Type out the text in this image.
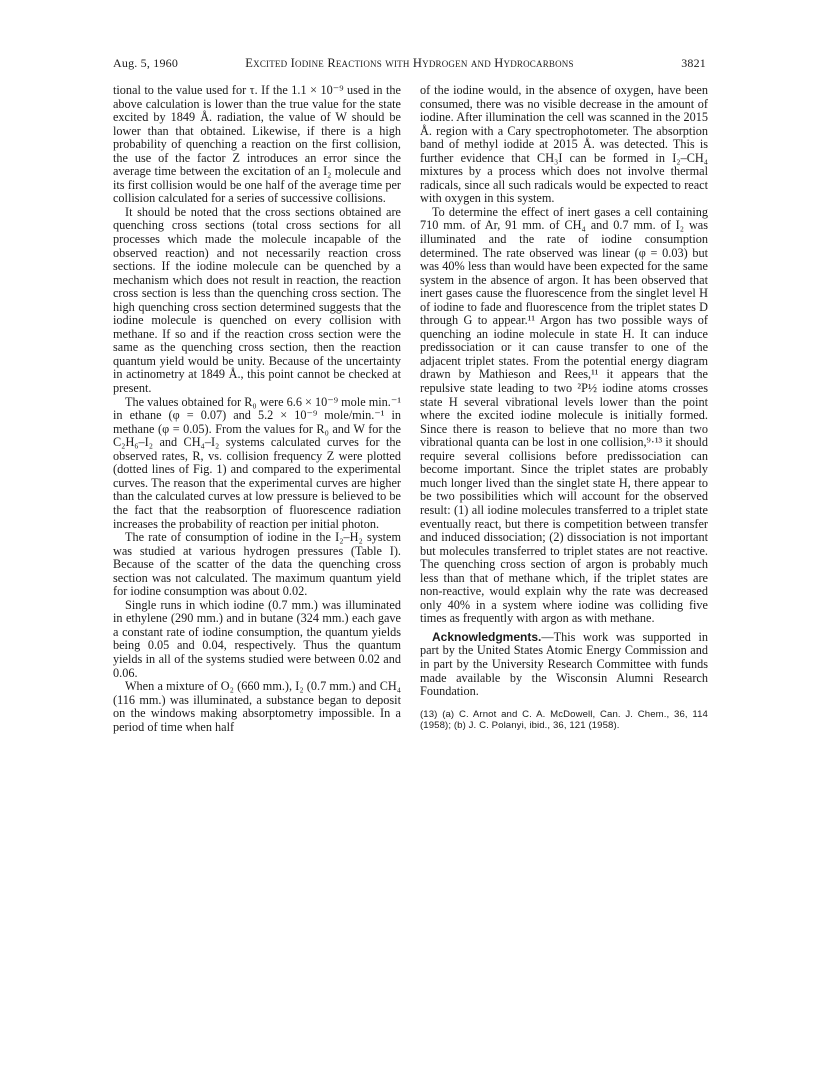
Aug. 5, 1960	Excited Iodine Reactions with Hydrogen and Hydrocarbons	3821

tional to the value used for τ. If the 1.1 × 10⁻⁹ used in the above calculation is lower than the true value for the state excited by 1849 Å. radiation, the value of W should be lower than that obtained. Likewise, if there is a high probability of quenching a reaction on the first collision, the use of the factor Z introduces an error since the average time between the excitation of an I₂ molecule and its first collision would be one half of the average time per collision calculated for a series of successive collisions.

It should be noted that the cross sections obtained are quenching cross sections (total cross sections for all processes which made the molecule incapable of the observed reaction) and not necessarily reaction cross sections. If the iodine molecule can be quenched by a mechanism which does not result in reaction, the reaction cross section is less than the quenching cross section. The high quenching cross section determined suggests that the iodine molecule is quenched on every collision with methane. If so and if the reaction cross section were the same as the quenching cross section, then the reaction quantum yield would be unity. Because of the uncertainty in actinometry at 1849 Å., this point cannot be checked at present.

The values obtained for R₀ were 6.6 × 10⁻⁹ mole min.⁻¹ in ethane (φ = 0.07) and 5.2 × 10⁻⁹ mole/min.⁻¹ in methane (φ = 0.05). From the values for R₀ and W for the C₂H₆–I₂ and CH₄–I₂ systems calculated curves for the observed rates, R, vs. collision frequency Z were plotted (dotted lines of Fig. 1) and compared to the experimental curves. The reason that the experimental curves are higher than the calculated curves at low pressure is believed to be the fact that the reabsorption of fluorescence radiation increases the probability of reaction per initial photon.

The rate of consumption of iodine in the I₂–H₂ system was studied at various hydrogen pressures (Table I). Because of the scatter of the data the quenching cross section was not calculated. The maximum quantum yield for iodine consumption was about 0.02.

Single runs in which iodine (0.7 mm.) was illuminated in ethylene (290 mm.) and in butane (324 mm.) each gave a constant rate of iodine consumption, the quantum yields being 0.05 and 0.04, respectively. Thus the quantum yields in all of the systems studied were between 0.02 and 0.06.

When a mixture of O₂ (660 mm.), I₂ (0.7 mm.) and CH₄ (116 mm.) was illuminated, a substance began to deposit on the windows making absorptometry impossible. In a period of time when half

of the iodine would, in the absence of oxygen, have been consumed, there was no visible decrease in the amount of iodine. After illumination the cell was scanned in the 2015 Å. region with a Cary spectrophotometer. The absorption band of methyl iodide at 2015 Å. was detected. This is further evidence that CH₃I can be formed in I₂–CH₄ mixtures by a process which does not involve thermal radicals, since all such radicals would be expected to react with oxygen in this system.

To determine the effect of inert gases a cell containing 710 mm. of Ar, 91 mm. of CH₄ and 0.7 mm. of I₂ was illuminated and the rate of iodine consumption determined. The rate observed was linear (φ = 0.03) but was 40% less than would have been expected for the same system in the absence of argon. It has been observed that inert gases cause the fluorescence from the singlet level H of iodine to fade and fluorescence from the triplet states D through G to appear.¹¹ Argon has two possible ways of quenching an iodine molecule in state H. It can induce predissociation or it can cause transfer to one of the adjacent triplet states. From the potential energy diagram drawn by Mathieson and Rees,¹¹ it appears that the repulsive state leading to two ²P½ iodine atoms crosses state H several vibrational levels lower than the point where the excited iodine molecule is initially formed. Since there is reason to believe that no more than two vibrational quanta can be lost in one collision,⁹·¹³ it should require several collisions before predissociation can become important. Since the triplet states are probably much longer lived than the singlet state H, there appear to be two possibilities which will account for the observed result: (1) all iodine molecules transferred to a triplet state eventually react, but there is competition between transfer and induced dissociation; (2) dissociation is not important but molecules transferred to triplet states are not reactive. The quenching cross section of argon is probably much less than that of methane which, if the triplet states are non-reactive, would explain why the rate was decreased only 40% in a system where iodine was colliding five times as frequently with argon as with methane.

Acknowledgments.—This work was supported in part by the United States Atomic Energy Commission and in part by the University Research Committee with funds made available by the Wisconsin Alumni Research Foundation.

(13) (a) C. Arnot and C. A. McDowell, Can. J. Chem., 36, 114 (1958); (b) J. C. Polanyi, ibid., 36, 121 (1958).
